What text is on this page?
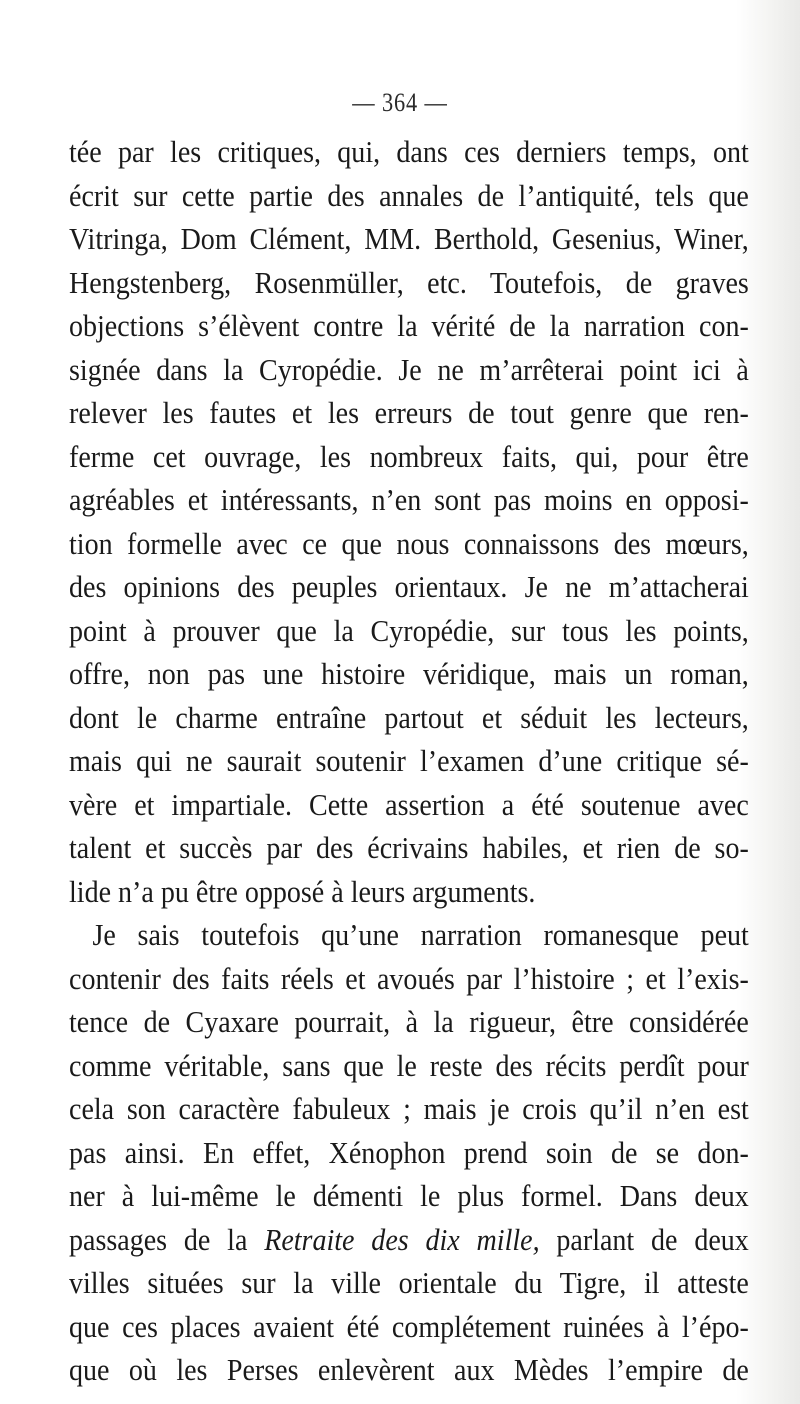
— 364 —
tée par les critiques, qui, dans ces derniers temps, ont
écrit sur cette partie des annales de l’antiquité, tels que
Vitringa, Dom Clément, MM. Berthold, Gesenius, Winer,
Hengstenberg, Rosenmüller, etc. Toutefois, de graves
objections s’élèvent contre la vérité de la narration con-
signée dans la Cyropédie. Je ne m’arrêterai point ici à
relever les fautes et les erreurs de tout genre que ren-
ferme cet ouvrage, les nombreux faits, qui, pour être
agréables et intéressants, n’en sont pas moins en opposi-
tion formelle avec ce que nous connaissons des mœurs,
des opinions des peuples orientaux. Je ne m’attacherai
point à prouver que la Cyropédie, sur tous les points,
offre, non pas une histoire véridique, mais un roman,
dont le charme entraîne partout et séduit les lecteurs,
mais qui ne saurait soutenir l’examen d’une critique sé-
vère et impartiale. Cette assertion a été soutenue avec
talent et succès par des écrivains habiles, et rien de so-
lide n’a pu être opposé à leurs arguments.
Je sais toutefois qu’une narration romanesque peut
contenir des faits réels et avoués par l’histoire ; et l’exis-
tence de Cyaxare pourrait, à la rigueur, être considérée
comme véritable, sans que le reste des récits perdît pour
cela son caractère fabuleux ; mais je crois qu’il n’en est
pas ainsi. En effet, Xénophon prend soin de se don-
ner à lui-même le démenti le plus formel. Dans deux
passages de la Retraite des dix mille, parlant de deux
villes situées sur la ville orientale du Tigre, il atteste
que ces places avaient été complétement ruinées à l’épo-
que où les Perses enlevèrent aux Mèdes l’empire de
